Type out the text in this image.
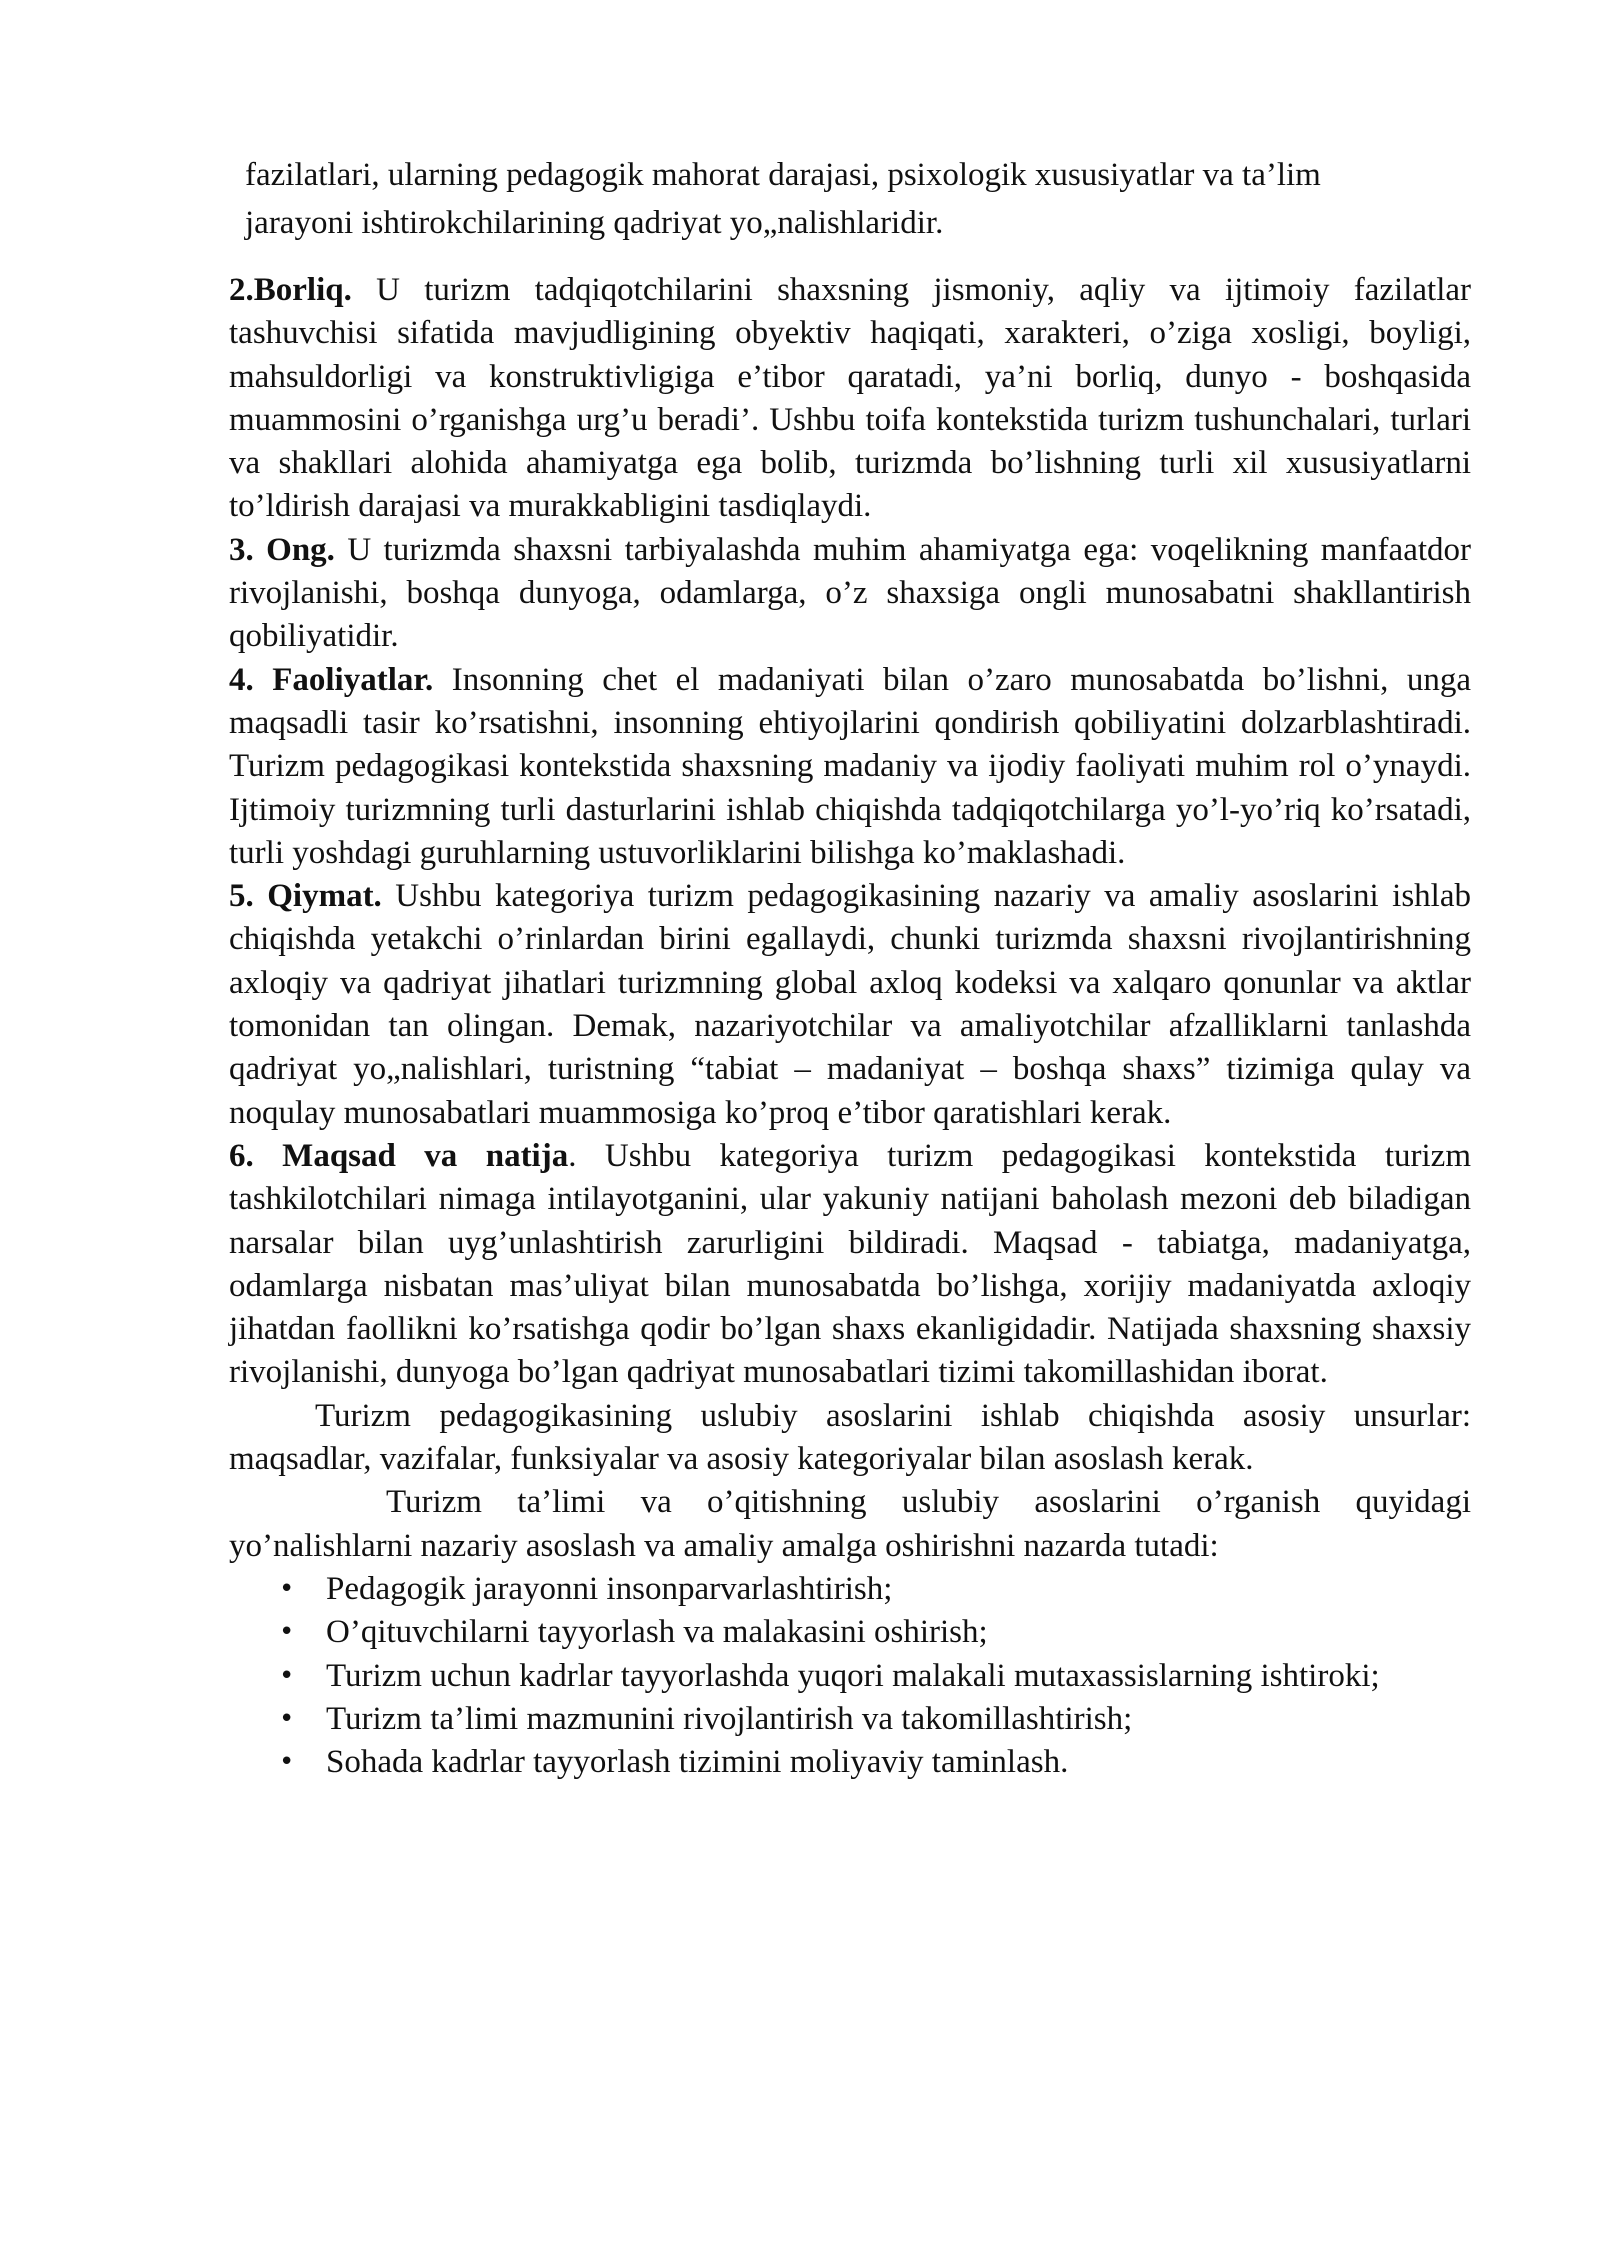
fazilatlari, ularning pedagogik mahorat darajasi, psixologik xususiyatlar va ta’lim
jarayoni ishtirokchilarining qadriyat yo„nalishlaridir.

2.Borliq. U turizm tadqiqotchilarini shaxsning jismoniy, aqliy va ijtimoiy fazilatlar tashuvchisi sifatida mavjudligining obyektiv haqiqati, xarakteri, o’ziga xosligi, boyligi, mahsuldorligi va konstruktivligiga e’tibor qaratadi, ya’ni borliq, dunyo - boshqasida muammosini o’rganishga urg’u beradi’. Ushbu toifa kontekstida turizm tushunchalari, turlari va shakllari alohida ahamiyatga ega bolib, turizmda bo’lishning turli xil xususiyatlarni to’ldirish darajasi va murakkabligini tasdiqlaydi.

3. Ong. U turizmda shaxsni tarbiyalashda muhim ahamiyatga ega: voqelikning manfaatdor rivojlanishi, boshqa dunyoga, odamlarga, o’z shaxsiga ongli munosabatni shakllantirish qobiliyatidir.

4. Faoliyatlar. Insonning chet el madaniyati bilan o’zaro munosabatda bo’lishni, unga maqsadli tasir ko’rsatishni, insonning ehtiyojlarini qondirish qobiliyatini dolzarblashtiradi. Turizm pedagogikasi kontekstida shaxsning madaniy va ijodiy faoliyati muhim rol o’ynaydi. Ijtimoiy turizmning turli dasturlarini ishlab chiqishda tadqiqotchilarga yo’l-yo’riq ko’rsatadi, turli yoshdagi guruhlarning ustuvorliklarini bilishga ko’maklashadi.

5. Qiymat. Ushbu kategoriya turizm pedagogikasining nazariy va amaliy asoslarini ishlab chiqishda yetakchi o’rinlardan birini egallaydi, chunki turizmda shaxsni rivojlantirishning axloqiy va qadriyat jihatlari turizmning global axloq kodeksi va xalqaro qonunlar va aktlar tomonidan tan olingan. Demak, nazariyotchilar va amaliyotchilar afzalliklarni tanlashda qadriyat yo„nalishlari, turistning “tabiat – madaniyat – boshqa shaxs” tizimiga qulay va noqulay munosabatlari muammosiga ko’proq e’tibor qaratishlari kerak.

6. Maqsad va natija. Ushbu kategoriya turizm pedagogikasi kontekstida turizm tashkilotchilari nimaga intilayotganini, ular yakuniy natijani baholash mezoni deb biladigan narsalar bilan uyg’unlashtirish zarurligini bildiradi. Maqsad - tabiatga, madaniyatga, odamlarga nisbatan mas’uliyat bilan munosabatda bo’lishga, xorijiy madaniyatda axloqiy jihatdan faollikni ko’rsatishga qodir bo’lgan shaxs ekanligidadir. Natijada shaxsning shaxsiy rivojlanishi, dunyoga bo’lgan qadriyat munosabatlari tizimi takomillashidan iborat.

Turizm pedagogikasining uslubiy asoslarini ishlab chiqishda asosiy unsurlar: maqsadlar, vazifalar, funksiyalar va asosiy kategoriyalar bilan asoslash kerak.

Turizm ta’limi va o’qitishning uslubiy asoslarini o’rganish quyidagi yo’nalishlarni nazariy asoslash va amaliy amalga oshirishni nazarda tutadi:

• Pedagogik jarayonni insonparvarlashtirish;
• O’qituvchilarni tayyorlash va malakasini oshirish;
• Turizm uchun kadrlar tayyorlashda yuqori malakali mutaxassislarning ishtiroki;
• Turizm ta’limi mazmunini rivojlantirish va takomillashtirish;
• Sohada kadrlar tayyorlash tizimini moliyaviy taminlash.
